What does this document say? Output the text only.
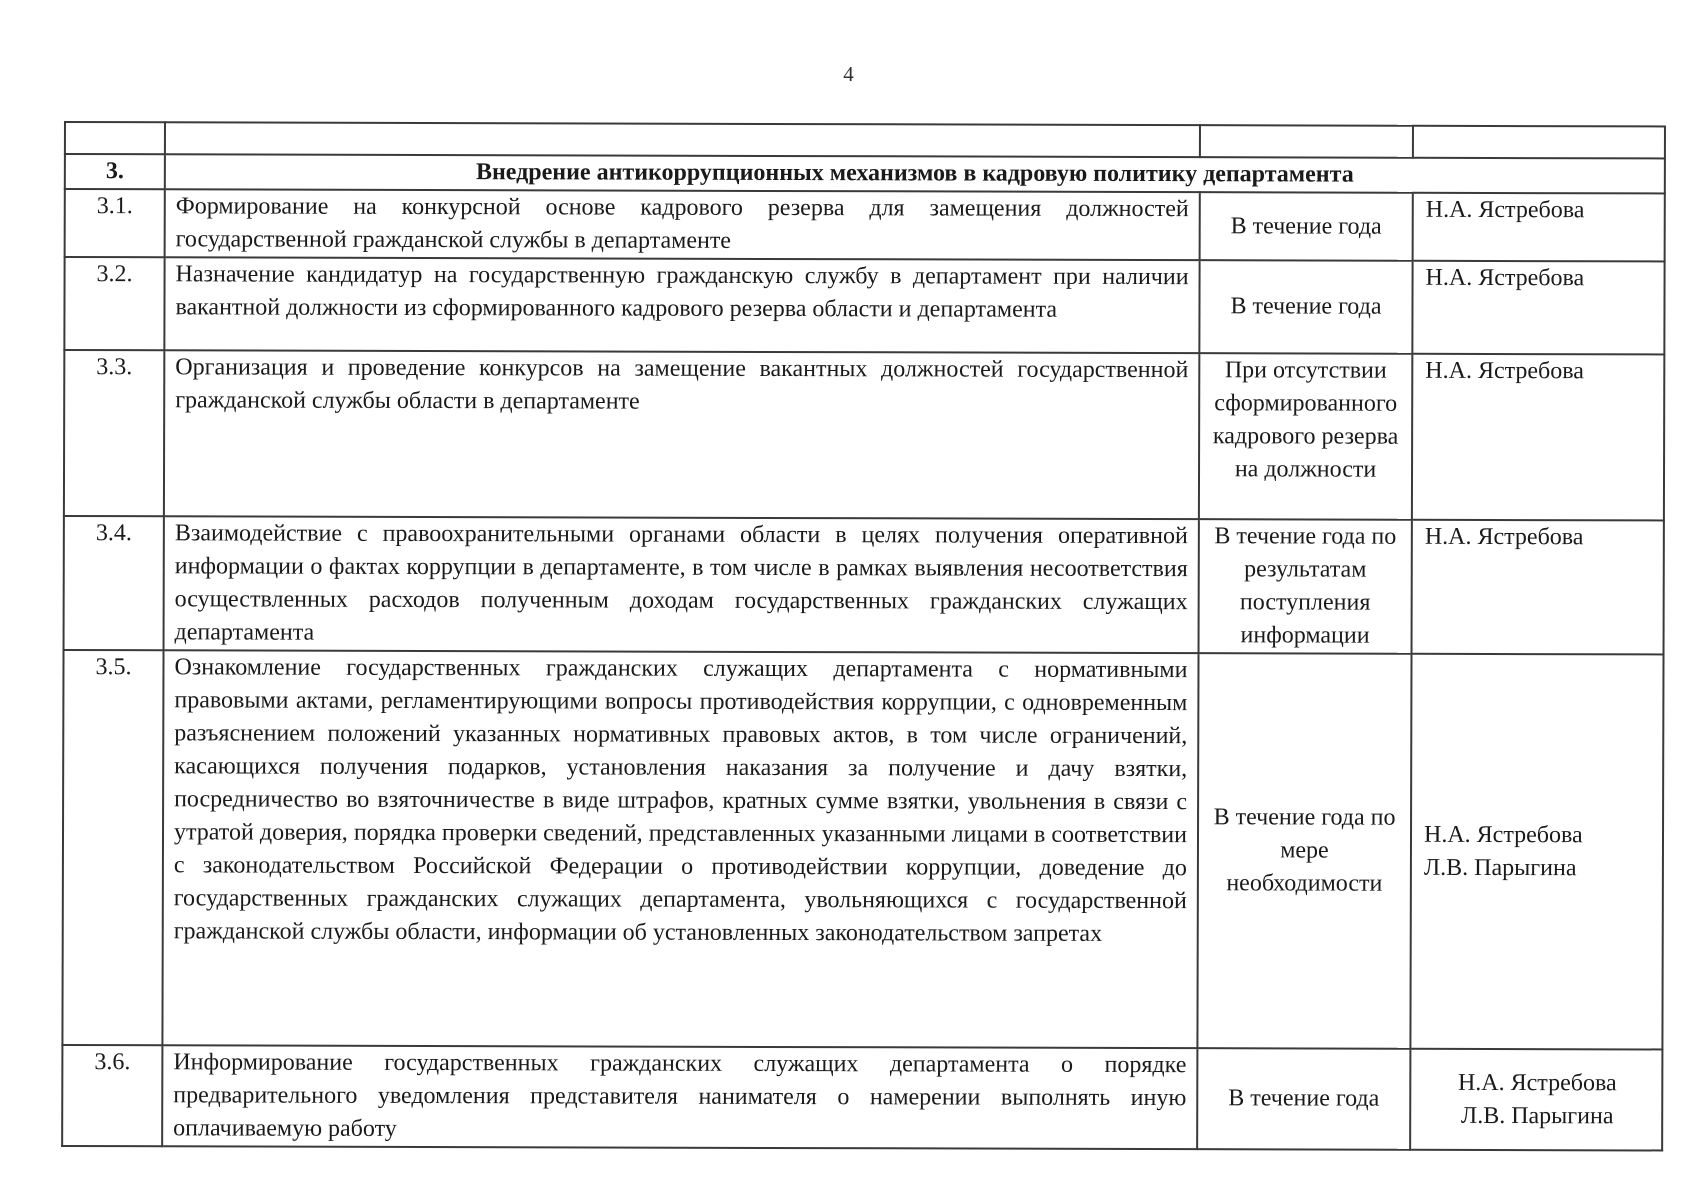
4

3.	Внедрение антикоррупционных механизмов в кадровую политику департамента		
3.1.	Формирование на конкурсной основе кадрового резерва для замещения должностей государственной гражданской службы в департаменте	В течение года	Н.А. Ястребова

3.2.	Назначение кандидатур на государственную гражданскую службу в департамент при наличии вакантной должности из сформированного кадрового резерва области и департамента	В течение года	Н.А. Ястребова

3.3.	Организация и проведение конкурсов на замещение вакантных должностей государственной гражданской службы области в департаменте	При отсутствии сформированного кадрового резерва на должности	Н.А. Ястребова

3.4.	Взаимодействие с правоохранительными органами области в целях получения оперативной информации о фактах коррупции в департаменте, в том числе в рамках выявления несоответствия осуществленных расходов полученным доходам государственных гражданских служащих департамента	В течение года по результатам поступления информации	Н.А. Ястребова

3.5.	Ознакомление государственных гражданских служащих департамента с нормативными правовыми актами, регламентирующими вопросы противодействия коррупции, с одновременным разъяснением положений указанных нормативных правовых актов, в том числе ограничений, касающихся получения подарков, установления наказания за получение и дачу взятки, посредничество во взяточничестве в виде штрафов, кратных сумме взятки, увольнения в связи с утратой доверия, порядка проверки сведений, представленных указанными лицами в соответствии с законодательством Российской Федерации о противодействии коррупции, доведение до государственных гражданских служащих департамента, увольняющихся с государственной гражданской службы области, информации об установленных законодательством запретах	В течение года по мере необходимости	Н.А. Ястребова
Л.В. Парыгина

3.6.	Информирование государственных гражданских служащих департамента о порядке предварительного уведомления представителя нанимателя о намерении выполнять иную оплачиваемую работу	В течение года	Н.А. Ястребова
Л.В. Парыгина
